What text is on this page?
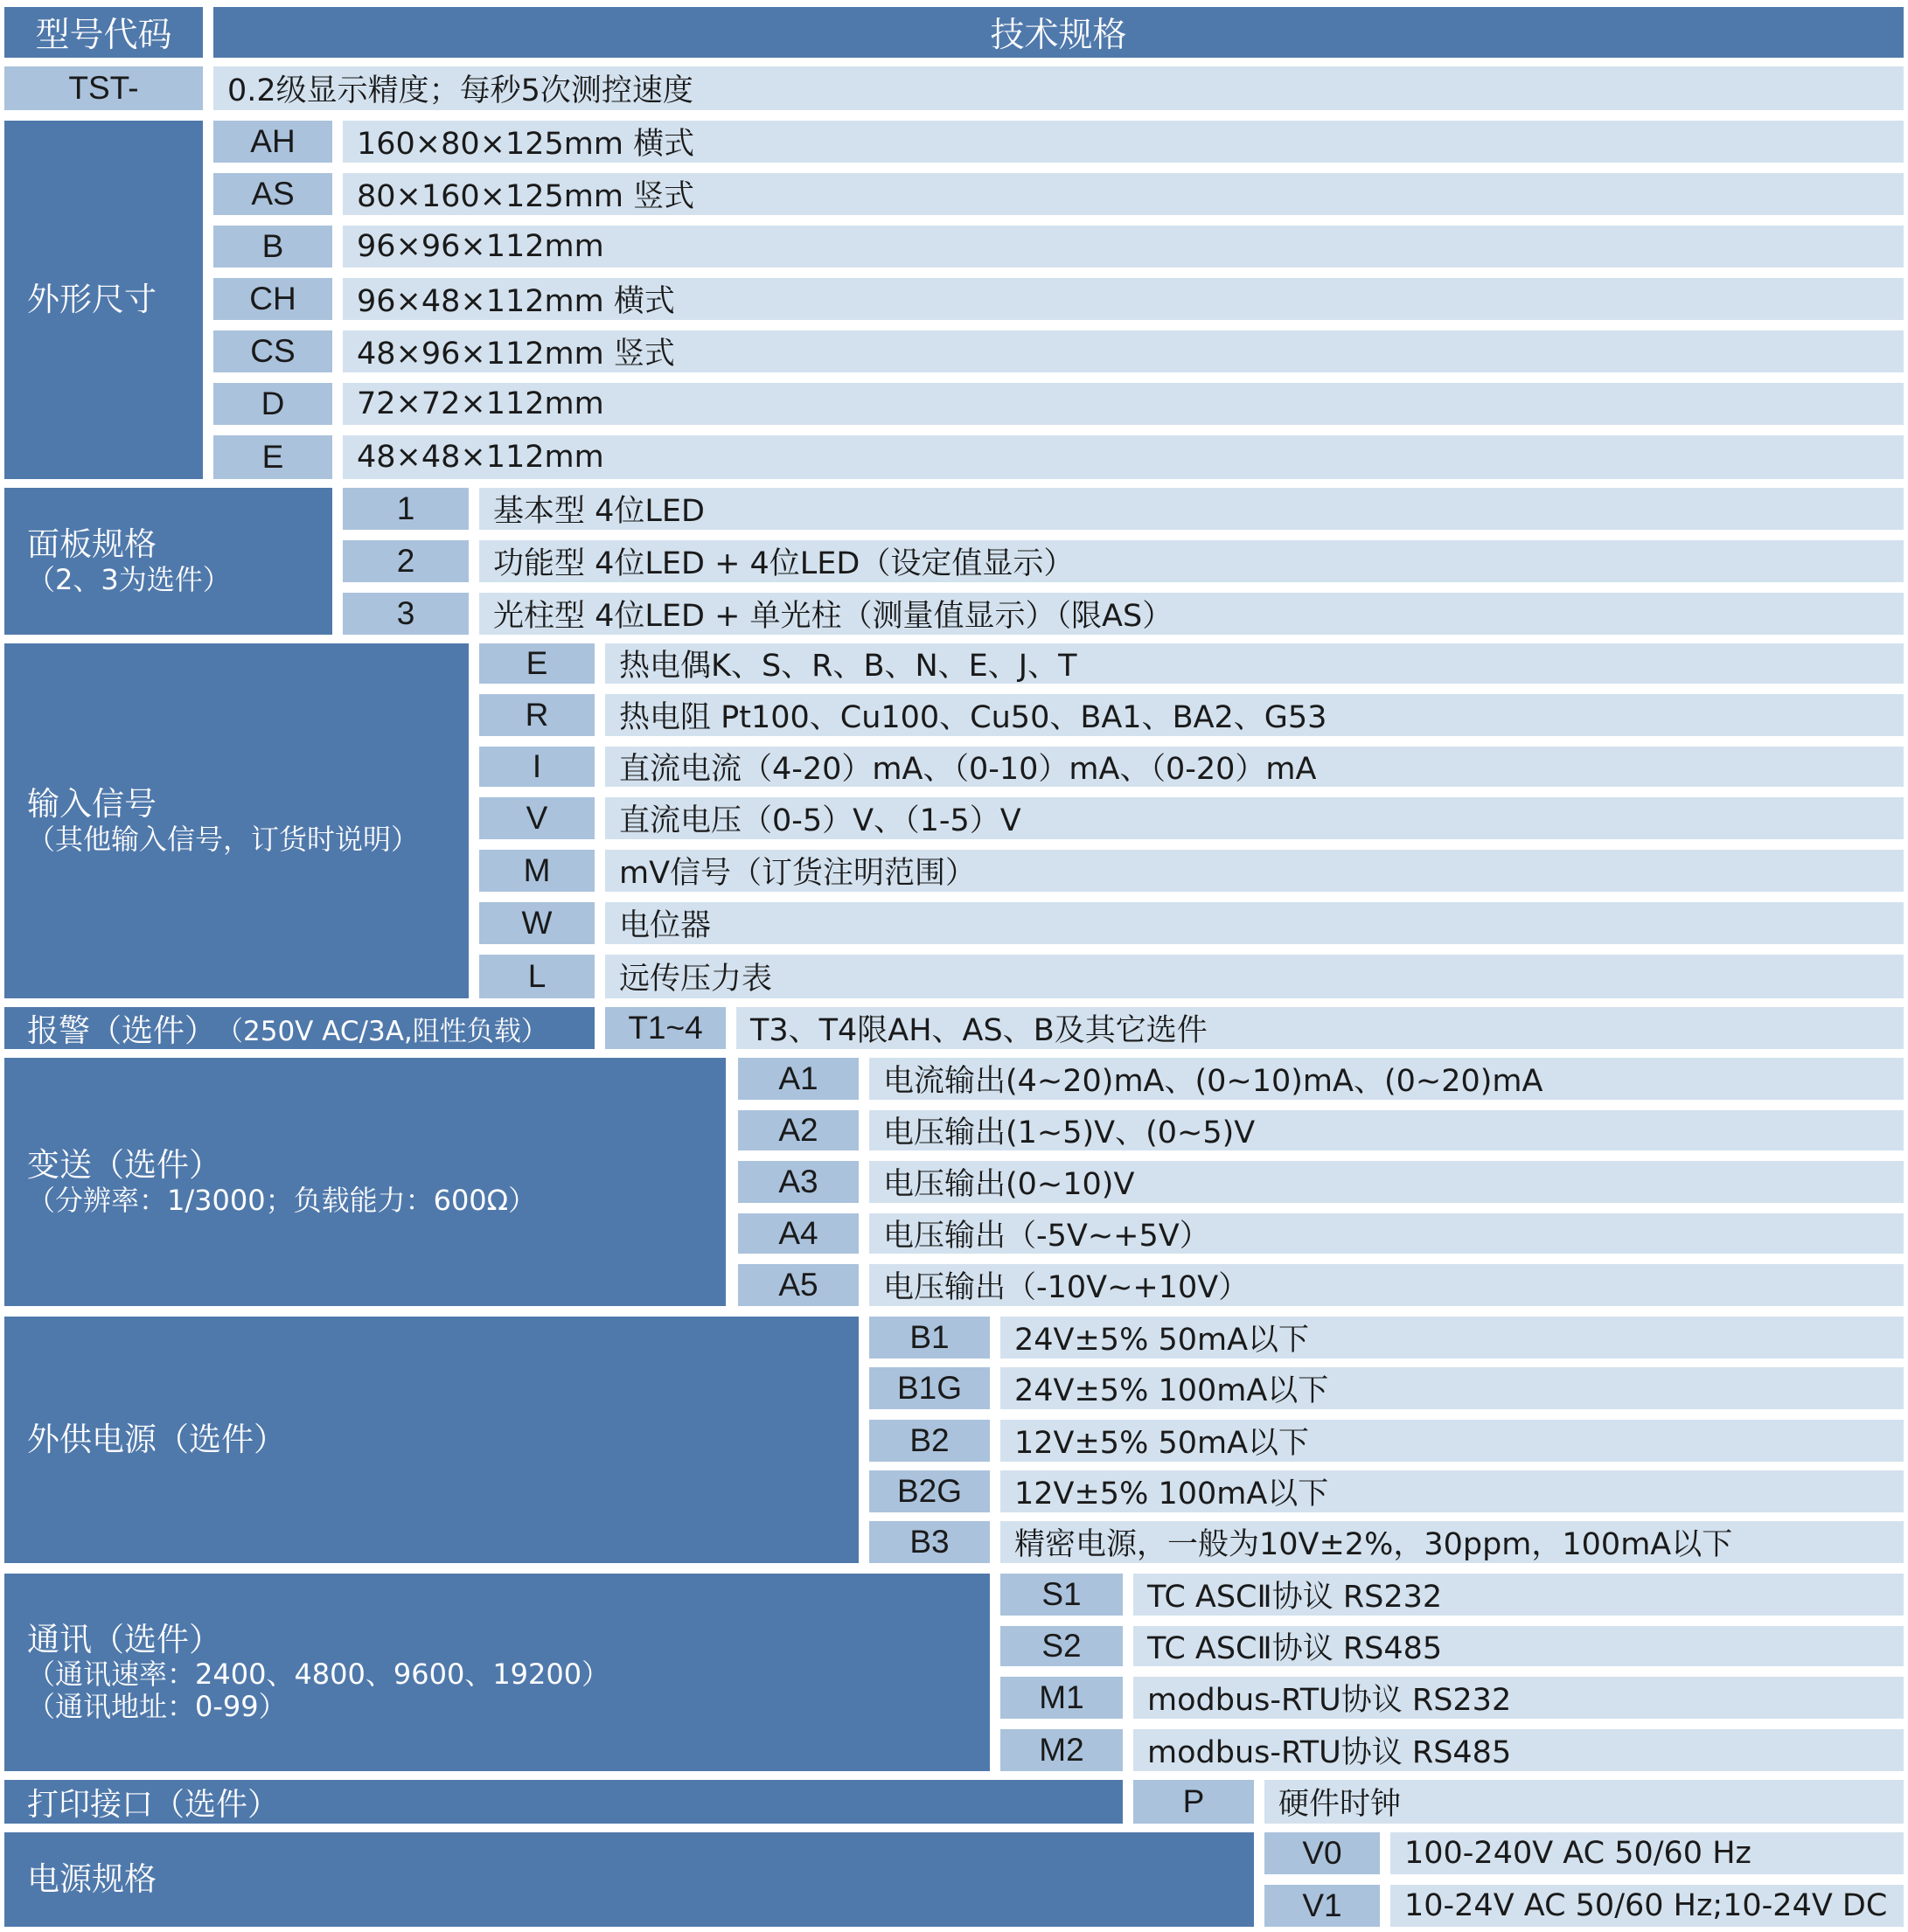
型号代码	技术规格
TST-	0.2级显示精度；每秒5次测控速度
外形尺寸
AH	160×80×125mm 横式
AS	80×160×125mm 竖式
B	96×96×112mm
CH	96×48×112mm 横式
CS	48×96×112mm 竖式
D	72×72×112mm
E	48×48×112mm
面板规格
（2、3为选件）
1	基本型 4位LED
2	功能型 4位LED + 4位LED（设定值显示）
3	光柱型 4位LED + 单光柱（测量值显示）（限AS）
输入信号
（其他输入信号，订货时说明）
E	热电偶K、S、R、B、N、E、J、T
R	热电阻 Pt100、Cu100、Cu50、BA1、BA2、G53
I	直流电流（4-20）mA、（0-10）mA、（0-20）mA
V	直流电压（0-5）V、（1-5）V
M	mV信号（订货注明范围）
W	电位器
L	远传压力表
报警（选件） （250V AC/3A,阻性负载）	T1~4	T3、T4限AH、AS、B及其它选件
变送（选件）
（分辨率：1/3000；负载能力：600Ω）
A1	电流输出(4~20)mA、(0~10)mA、(0~20)mA
A2	电压输出(1~5)V、(0~5)V
A3	电压输出(0~10)V
A4	电压输出（-5V~+5V）
A5	电压输出（-10V~+10V）
外供电源（选件）
B1	24V±5% 50mA以下
B1G	24V±5% 100mA以下
B2	12V±5% 50mA以下
B2G	12V±5% 100mA以下
B3	精密电源，一般为10V±2%，30ppm，100mA以下
通讯（选件）
（通讯速率：2400、4800、9600、19200）
（通讯地址：0-99）
S1	TC ASCⅡ协议 RS232
S2	TC ASCⅡ协议 RS485
M1	modbus-RTU协议 RS232
M2	modbus-RTU协议 RS485
打印接口（选件）	P	硬件时钟
电源规格
V0	100-240V AC 50/60 Hz
V1	10-24V AC 50/60 Hz;10-24V DC
